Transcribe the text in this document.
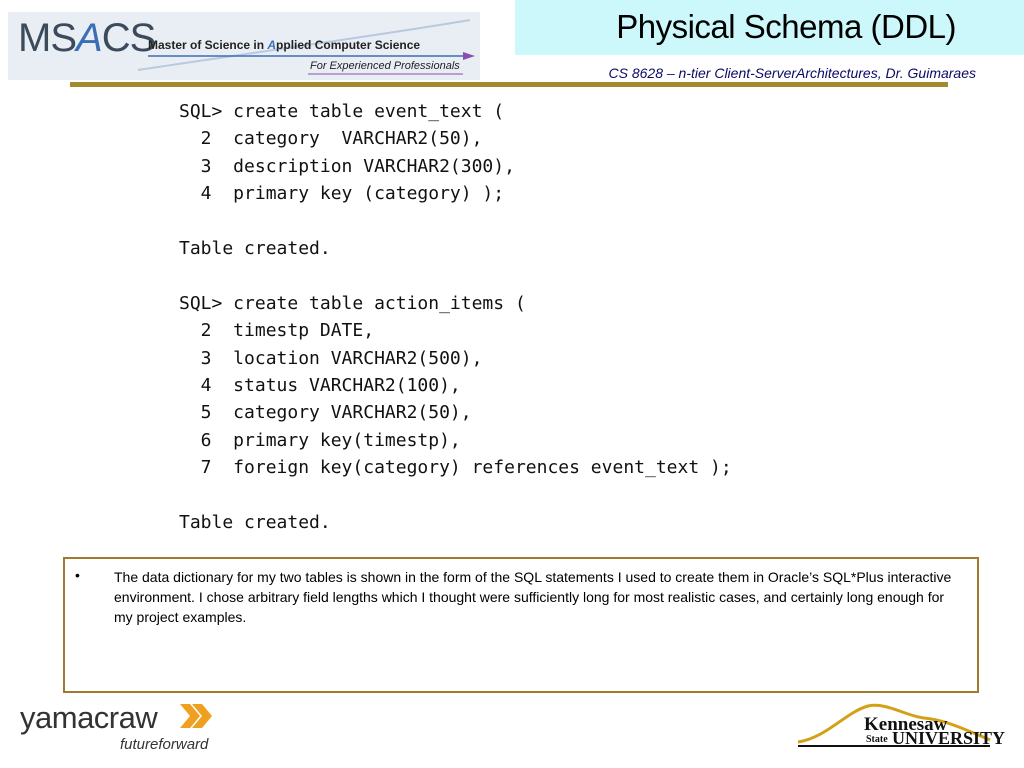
MSACS
Master of Science in Applied Computer Science
For Experienced Professionals
Physical Schema (DDL)
CS 8628 – n-tier Client-ServerArchitectures, Dr. Guimaraes
SQL> create table event_text (
2  category  VARCHAR2(50),
3  description VARCHAR2(300),
4  primary key (category) );
Table created.
SQL> create table action_items (
2  timestp DATE,
3  location VARCHAR2(500),
4  status VARCHAR2(100),
5  category VARCHAR2(50),
6  primary key(timestp),
7  foreign key(category) references event_text );
Table created.
• The data dictionary for my two tables is shown in the form of the SQL statements I used to create them in Oracle’s SQL*Plus interactive environment. I chose arbitrary field lengths which I thought were sufficiently long for most realistic cases, and certainly long enough for my project examples.
yamacraw
futureforward
Kennesaw
State UNIVERSITY
